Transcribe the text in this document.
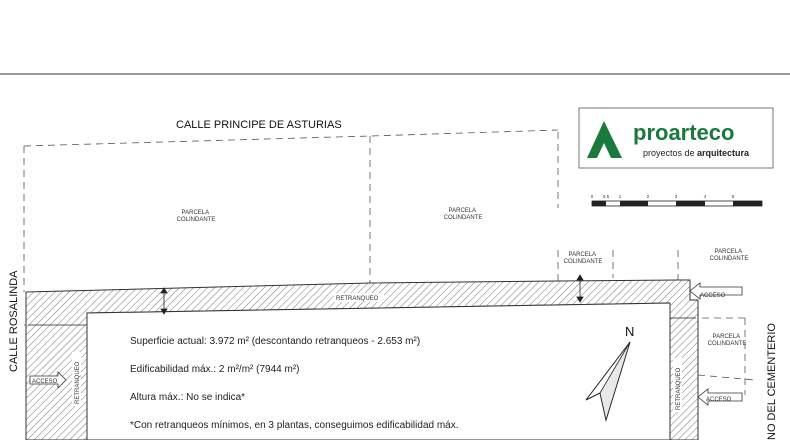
CALLE PRINCIPE DE ASTURIAS
RETRANQUEO
RETRANQUEO	RETRANQUEO
PARCELA COLINDANTE
PARCELA COLINDANTE
PARCELA COLINDANTE
PARCELA COLINDANTE
PARCELA COLINDANTE
ACCESO
ACCESO
ACCESO
CALLE ROSALINDA
NO DEL CEMENTERIO
Superficie actual: 3.972 m² (descontando retranqueos - 2.653 m²)
Edificabilidad máx.: 2 m²/m² (7944 m²)
Altura máx.: No se indica*
*Con retranqueos mínimos, en 3 plantas, conseguimos edificabilidad máx.
N
proarteco
proyectos de arquitectura
0 0.5 1	2	3	4	5
